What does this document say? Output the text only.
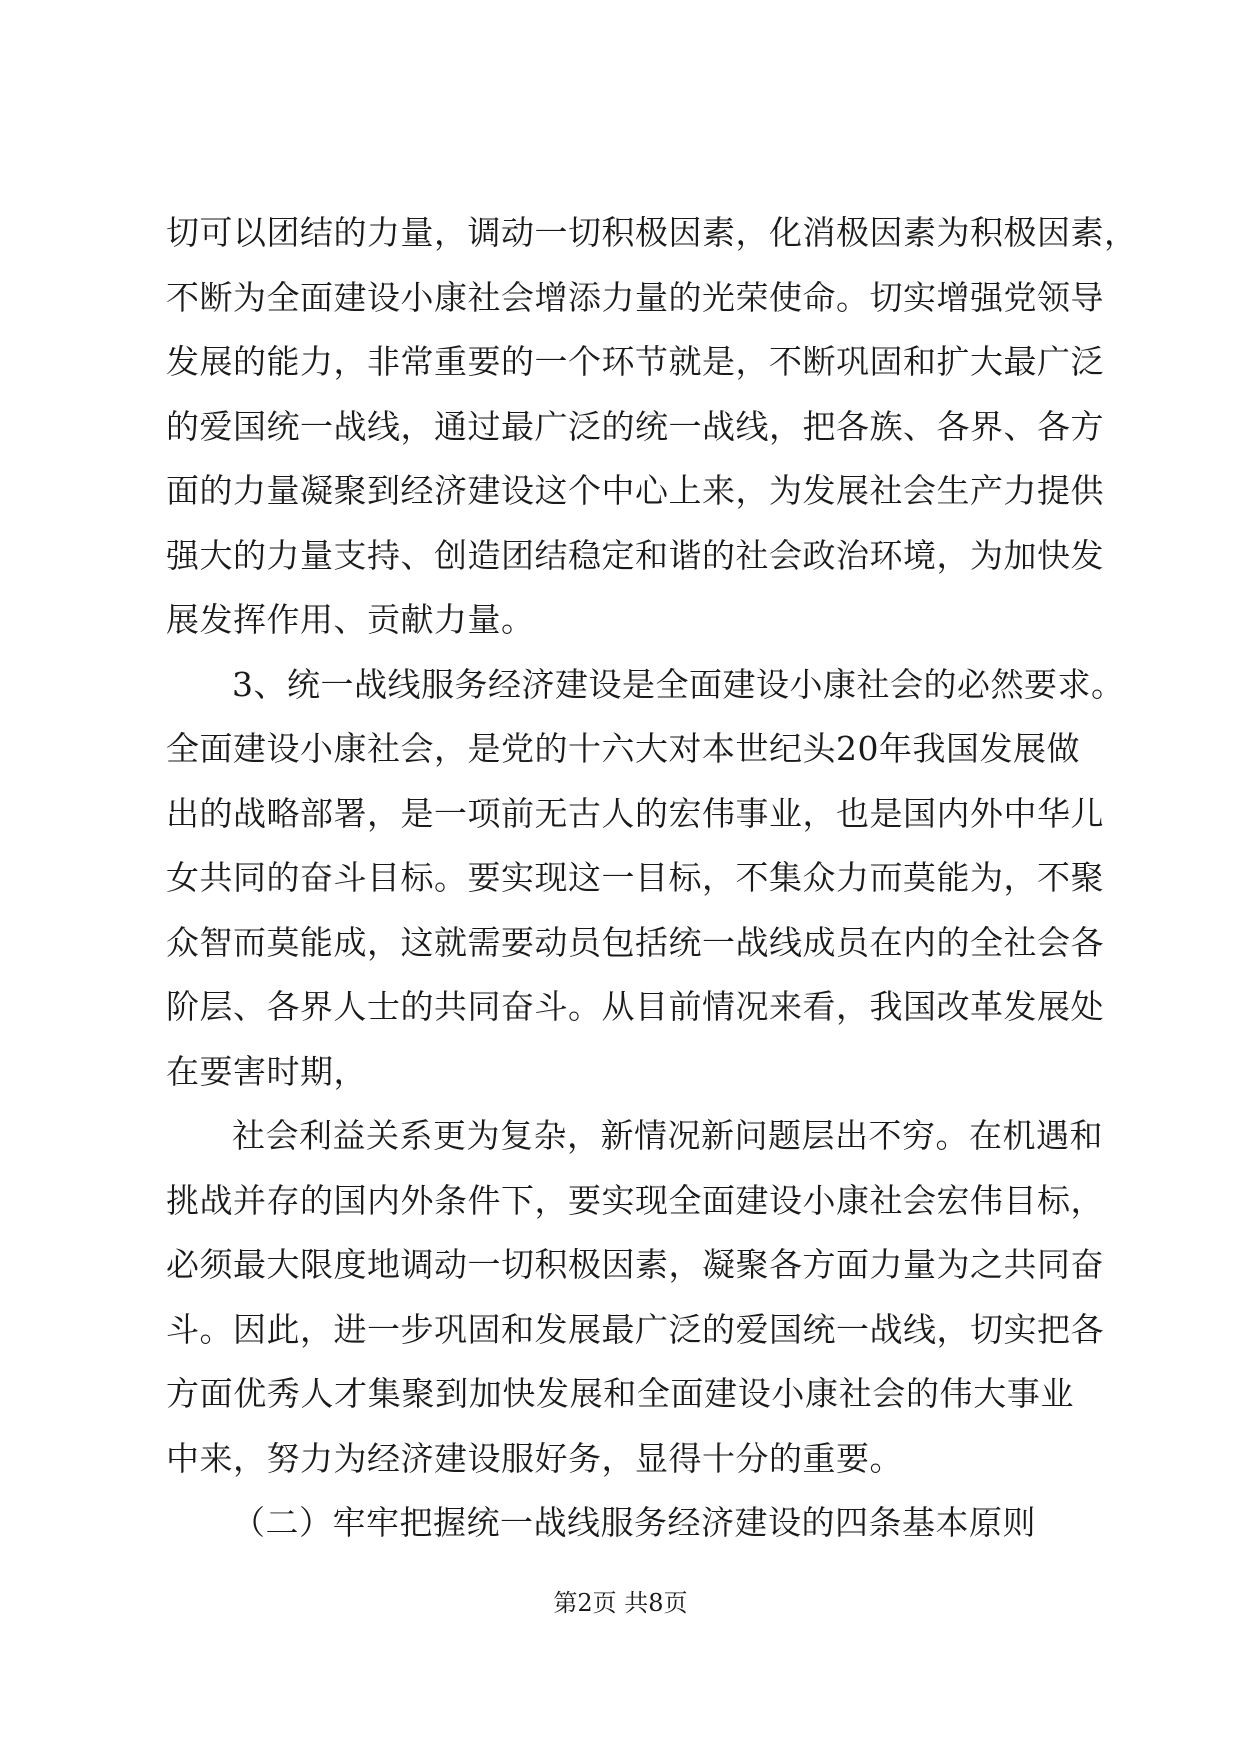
切可以团结的力量，调动一切积极因素，化消极因素为积极因素，
不断为全面建设小康社会增添力量的光荣使命。切实增强党领导
发展的能力，非常重要的一个环节就是，不断巩固和扩大最广泛
的爱国统一战线，通过最广泛的统一战线，把各族、各界、各方
面的力量凝聚到经济建设这个中心上来，为发展社会生产力提供
强大的力量支持、创造团结稳定和谐的社会政治环境，为加快发
展发挥作用、贡献力量。
3、统一战线服务经济建设是全面建设小康社会的必然要求。
全面建设小康社会，是党的十六大对本世纪头20年我国发展做
出的战略部署，是一项前无古人的宏伟事业，也是国内外中华儿
女共同的奋斗目标。要实现这一目标，不集众力而莫能为，不聚
众智而莫能成，这就需要动员包括统一战线成员在内的全社会各
阶层、各界人士的共同奋斗。从目前情况来看，我国改革发展处
在要害时期，
社会利益关系更为复杂，新情况新问题层出不穷。在机遇和
挑战并存的国内外条件下，要实现全面建设小康社会宏伟目标，
必须最大限度地调动一切积极因素，凝聚各方面力量为之共同奋
斗。因此，进一步巩固和发展最广泛的爱国统一战线，切实把各
方面优秀人才集聚到加快发展和全面建设小康社会的伟大事业
中来，努力为经济建设服好务，显得十分的重要。
（二）牢牢把握统一战线服务经济建设的四条基本原则
第2页 共8页
